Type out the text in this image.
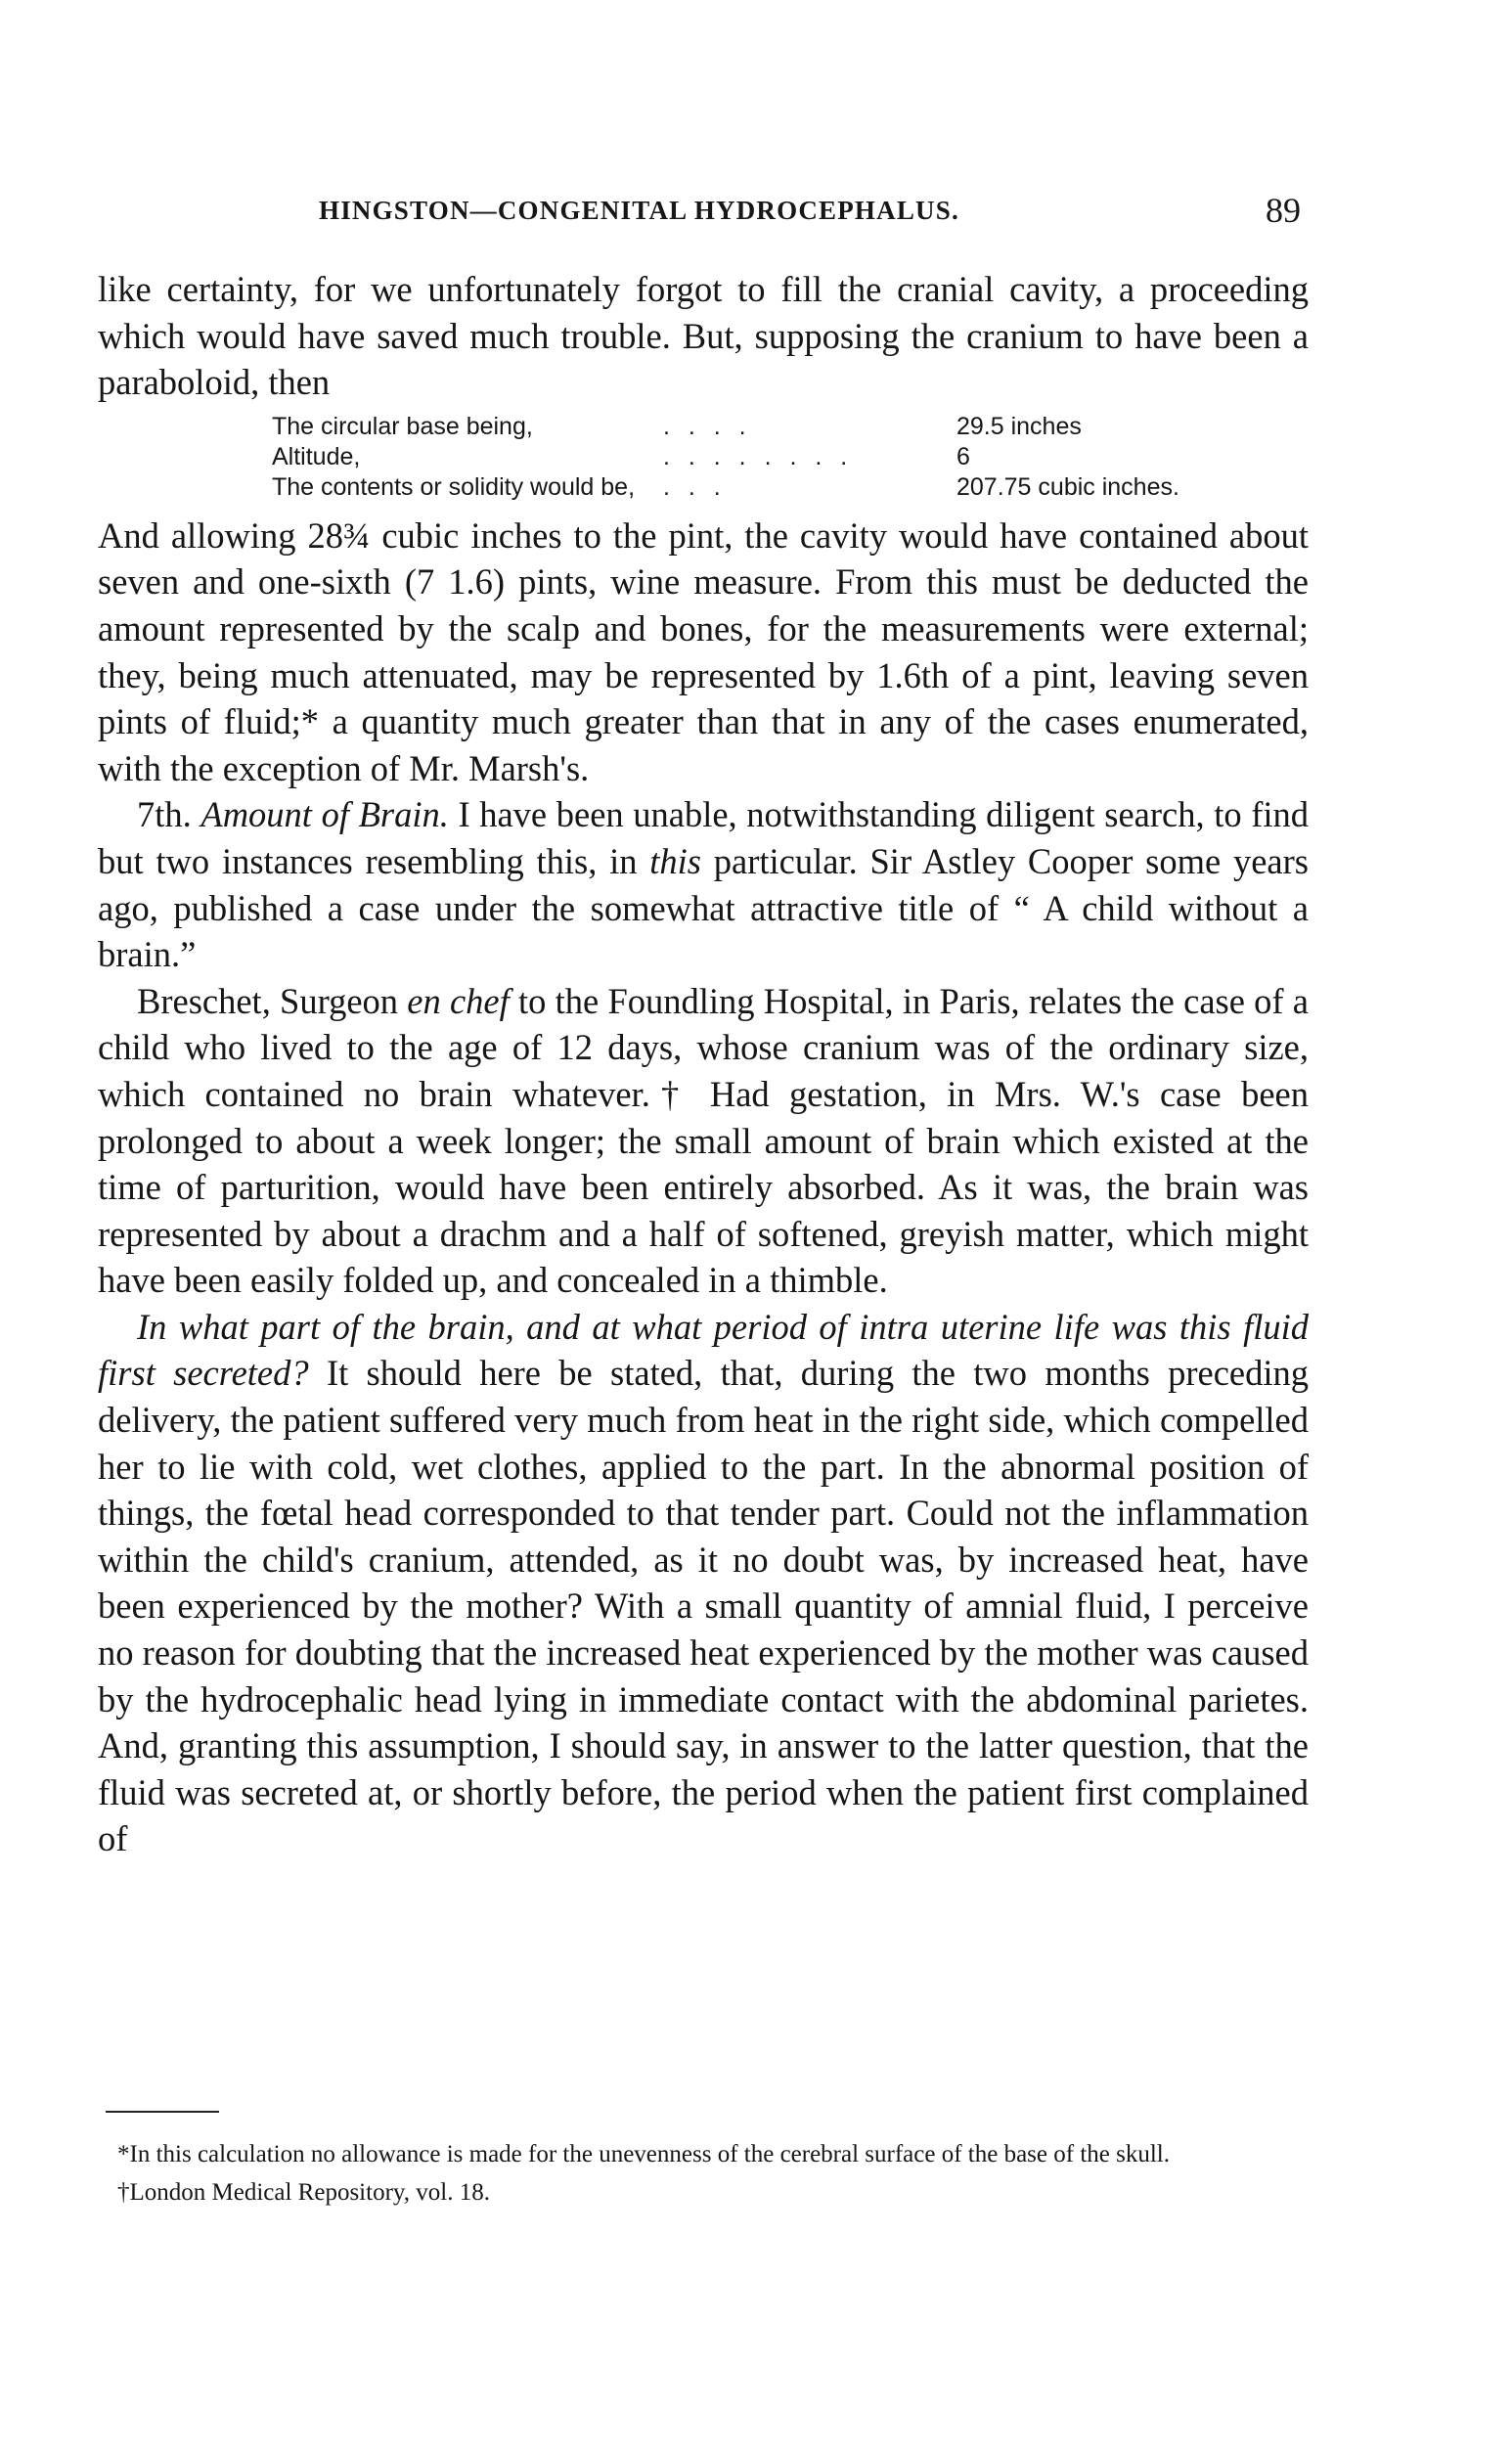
HINGSTON—CONGENITAL HYDROCEPHALUS.	89

like certainty, for we unfortunately forgot to fill the cranial cavity, a proceeding which would have saved much trouble. But, supposing the cranium to have been a paraboloid, then

The circular base being,	. . . .	29.5 inches
Altitude,	. . . . . . . .	6
The contents or solidity would be,	. . .	207.75 cubic inches.

And allowing 28¾ cubic inches to the pint, the cavity would have contained about seven and one-sixth (7 1.6) pints, wine measure. From this must be deducted the amount represented by the scalp and bones, for the measurements were external; they, being much attenuated, may be represented by 1.6th of a pint, leaving seven pints of fluid;* a quantity much greater than that in any of the cases enumerated, with the exception of Mr. Marsh's.

7th. Amount of Brain. I have been unable, notwithstanding diligent search, to find but two instances resembling this, in this particular. Sir Astley Cooper some years ago, published a case under the somewhat attractive title of “ A child without a brain.”

Breschet, Surgeon en chef to the Foundling Hospital, in Paris, relates the case of a child who lived to the age of 12 days, whose cranium was of the ordinary size, which contained no brain whatever.† Had gestation, in Mrs. W.'s case been prolonged to about a week longer; the small amount of brain which existed at the time of parturition, would have been entirely absorbed. As it was, the brain was represented by about a drachm and a half of softened, greyish matter, which might have been easily folded up, and concealed in a thimble.

In what part of the brain, and at what period of intra uterine life was this fluid first secreted? It should here be stated, that, during the two months preceding delivery, the patient suffered very much from heat in the right side, which compelled her to lie with cold, wet clothes, applied to the part. In the abnormal position of things, the fœtal head corresponded to that tender part. Could not the inflammation within the child's cranium, attended, as it no doubt was, by increased heat, have been experienced by the mother? With a small quantity of amnial fluid, I perceive no reason for doubting that the increased heat experienced by the mother was caused by the hydrocephalic head lying in immediate contact with the abdominal parietes. And, granting this assumption, I should say, in answer to the latter question, that the fluid was secreted at, or shortly before, the period when the patient first complained of

*In this calculation no allowance is made for the unevenness of the cerebral surface of the base of the skull.

†London Medical Repository, vol. 18.
